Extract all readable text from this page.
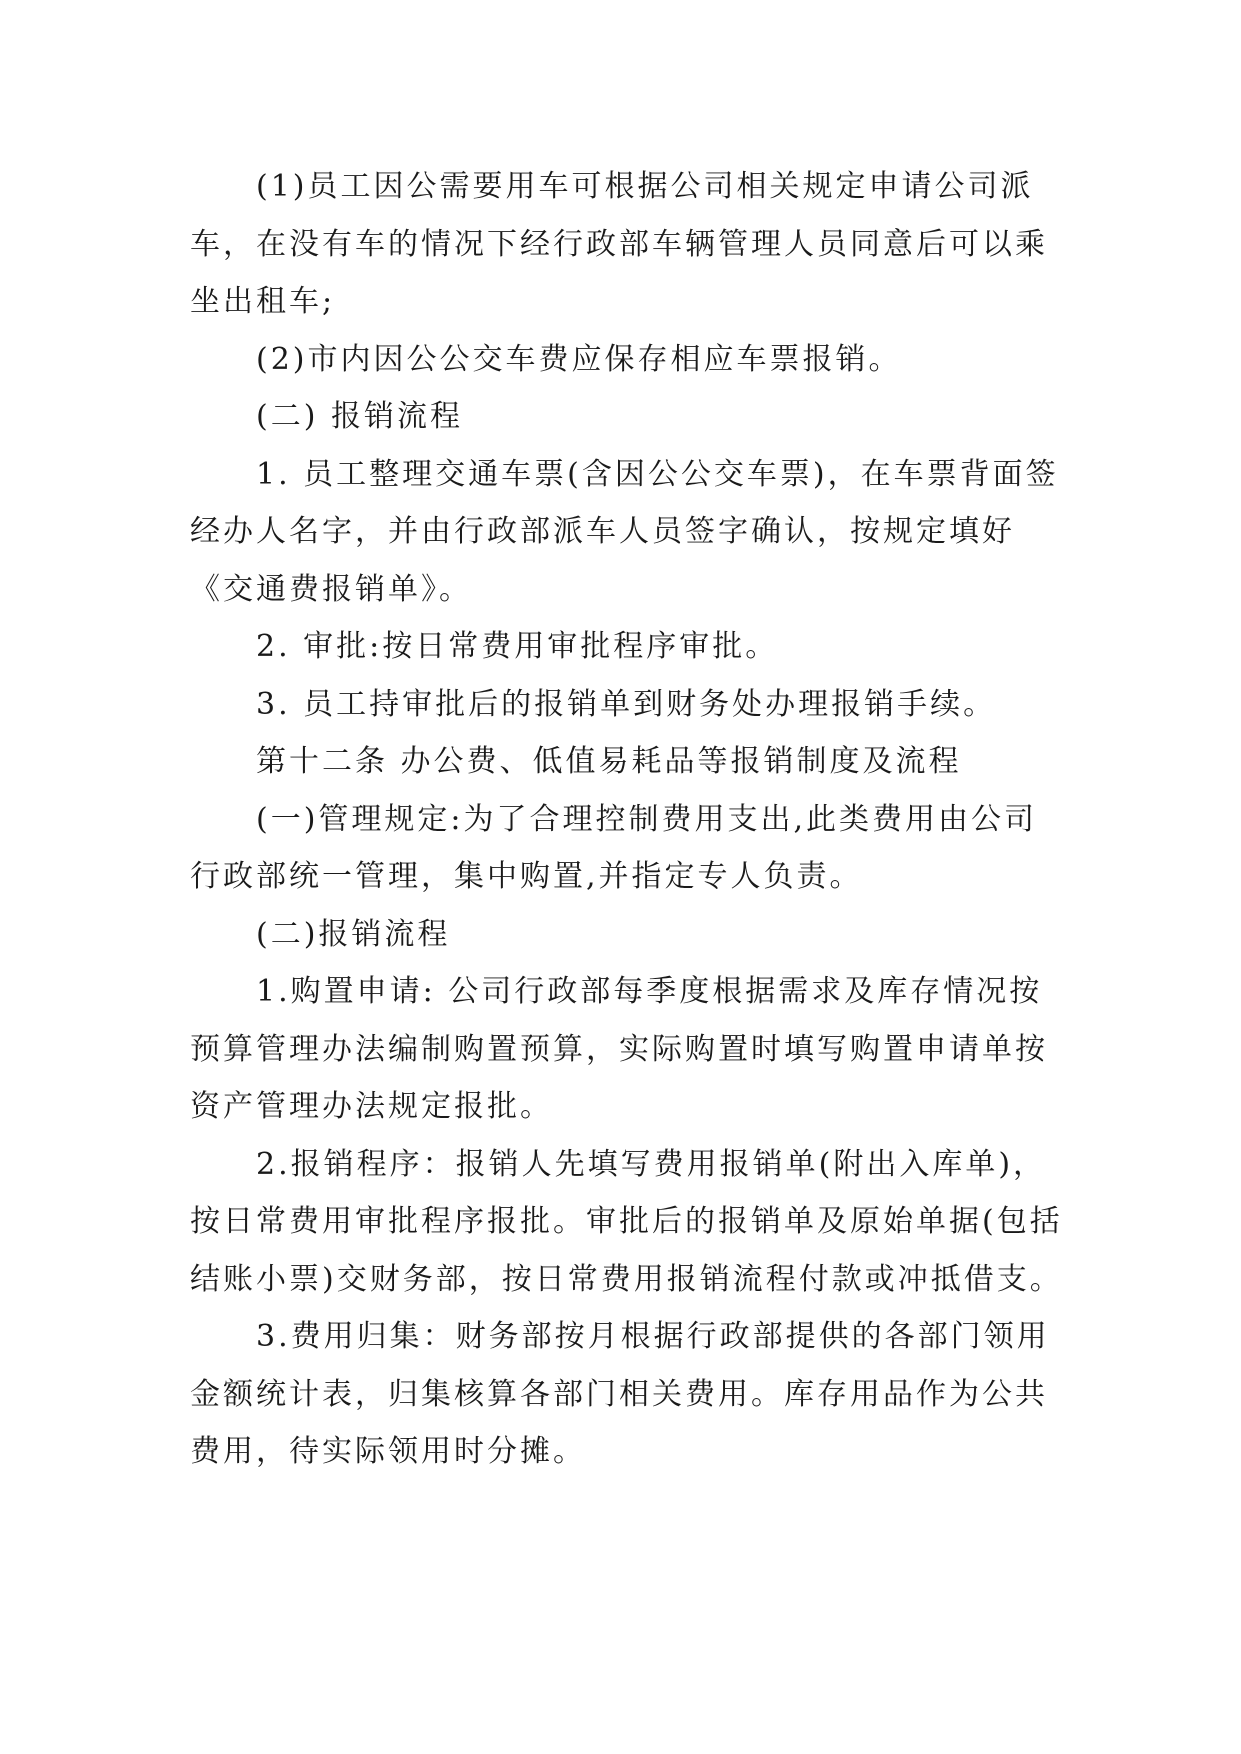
(1)员工因公需要用车可根据公司相关规定申请公司派车，在没有车的情况下经行政部车辆管理人员同意后可以乘坐出租车;

(2)市内因公公交车费应保存相应车票报销。

(二) 报销流程

1. 员工整理交通车票(含因公公交车票)，在车票背面签经办人名字，并由行政部派车人员签字确认，按规定填好《交通费报销单》。

2. 审批:按日常费用审批程序审批。

3. 员工持审批后的报销单到财务处办理报销手续。

第十二条 办公费、低值易耗品等报销制度及流程

(一)管理规定:为了合理控制费用支出,此类费用由公司行政部统一管理，集中购置,并指定专人负责。

(二)报销流程

1.购置申请: 公司行政部每季度根据需求及库存情况按预算管理办法编制购置预算，实际购置时填写购置申请单按资产管理办法规定报批。

2.报销程序：报销人先填写费用报销单(附出入库单)，按日常费用审批程序报批。审批后的报销单及原始单据(包括结账小票)交财务部，按日常费用报销流程付款或冲抵借支。

3.费用归集：财务部按月根据行政部提供的各部门领用金额统计表，归集核算各部门相关费用。库存用品作为公共费用，待实际领用时分摊。
